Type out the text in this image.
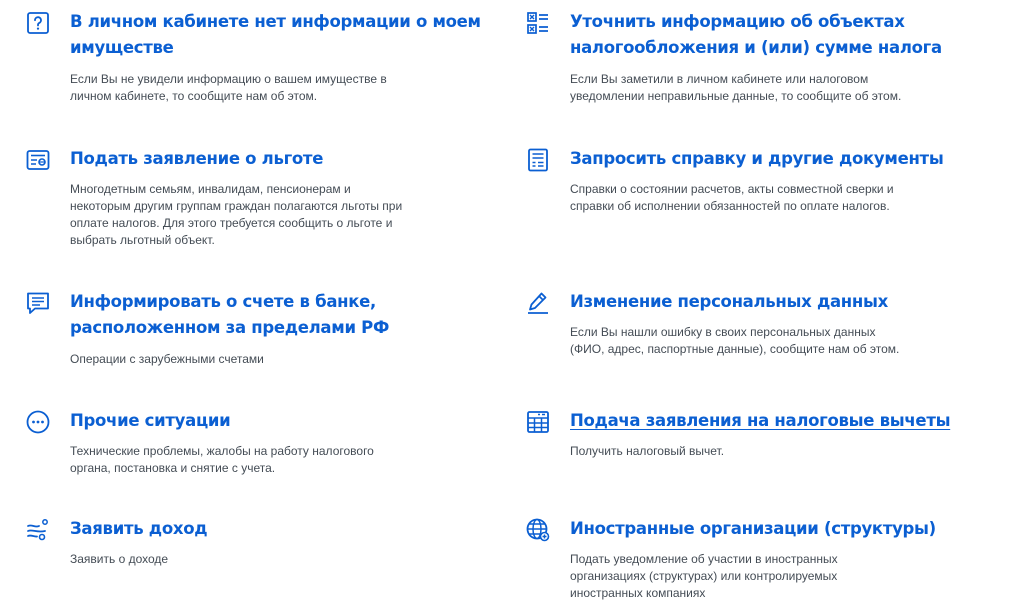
В личном кабинете нет информации о моем
имуществе
Если Вы не увидели информацию о вашем имуществе в
личном кабинете, то сообщите нам об этом.
Уточнить информацию об объектах
налогообложения и (или) сумме налога
Если Вы заметили в личном кабинете или налоговом
уведомлении неправильные данные, то сообщите об этом.
Подать заявление о льготе
Многодетным семьям, инвалидам, пенсионерам и
некоторым другим группам граждан полагаются льготы при
оплате налогов. Для этого требуется сообщить о льготе и
выбрать льготный объект.
Запросить справку и другие документы
Справки о состоянии расчетов, акты совместной сверки и
справки об исполнении обязанностей по оплате налогов.
Информировать о счете в банке,
расположенном за пределами РФ
Операции с зарубежными счетами
Изменение персональных данных
Если Вы нашли ошибку в своих персональных данных
(ФИО, адрес, паспортные данные), сообщите нам об этом.
Прочие ситуации
Технические проблемы, жалобы на работу налогового
органа, постановка и снятие с учета.
Подача заявления на налоговые вычеты
Получить налоговый вычет.
Заявить доход
Заявить о доходе
Иностранные организации (структуры)
Подать уведомление об участии в иностранных
организациях (структурах) или контролируемых
иностранных компаниях
